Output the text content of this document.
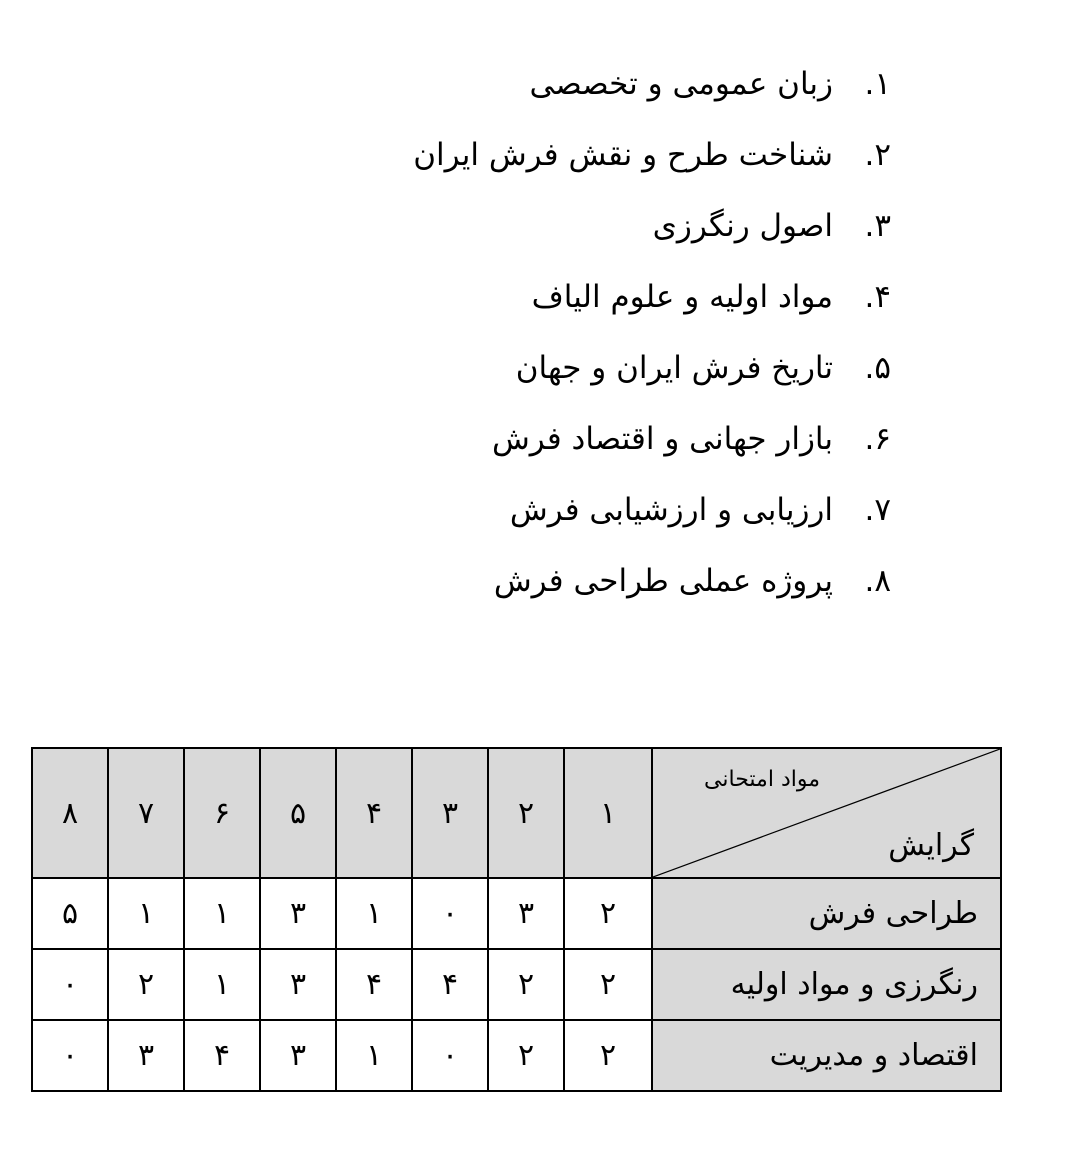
۱.
زبان عمومی و تخصصی
۲.
شناخت طرح و نقش فرش ایران
۳.
اصول رنگرزی
۴.
مواد اولیه و علوم الیاف
۵.
تاریخ فرش ایران و جهان
۶.
بازار جهانی و اقتصاد فرش
۷.
ارزیابی و ارزشیابی فرش
۸.
پروژه عملی طراحی فرش
مواد امتحانی
گرایش	۱	۲	۳	۴	۵	۶	۷	۸
طراحی فرش	۲	۳	۰	۱	۳	۱	۱	۵
رنگرزی و مواد اولیه	۲	۲	۴	۴	۳	۱	۲	۰
اقتصاد و مدیریت	۲	۲	۰	۱	۳	۴	۳	۰
